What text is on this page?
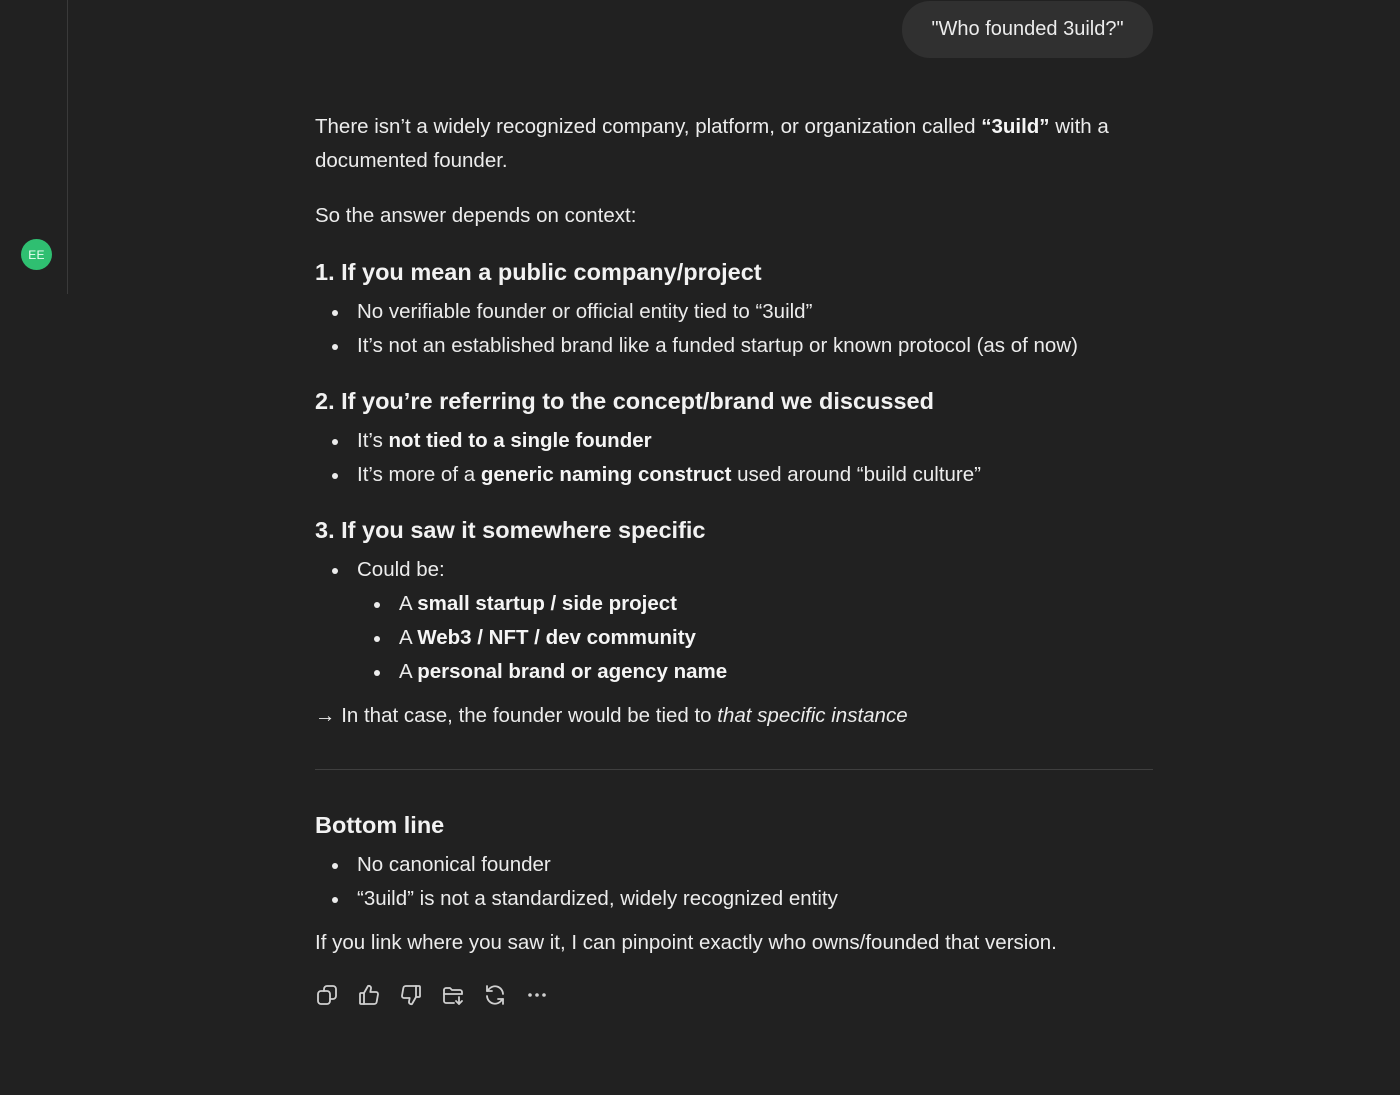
EE
"Who founded 3uild?"

There isn’t a widely recognized company, platform, or organization called “3uild” with a documented founder.

So the answer depends on context:

1. If you mean a public company/project
No verifiable founder or official entity tied to “3uild”
It’s not an established brand like a funded startup or known protocol (as of now)
2. If you’re referring to the concept/brand we discussed
It’s not tied to a single founder
It’s more of a generic naming construct used around “build culture”
3. If you saw it somewhere specific
Could be:
A small startup / side project
A Web3 / NFT / dev community
A personal brand or agency name

→ In that case, the founder would be tied to that specific instance

Bottom line
No canonical founder
“3uild” is not a standardized, widely recognized entity

If you link where you saw it, I can pinpoint exactly who owns/founded that version.
